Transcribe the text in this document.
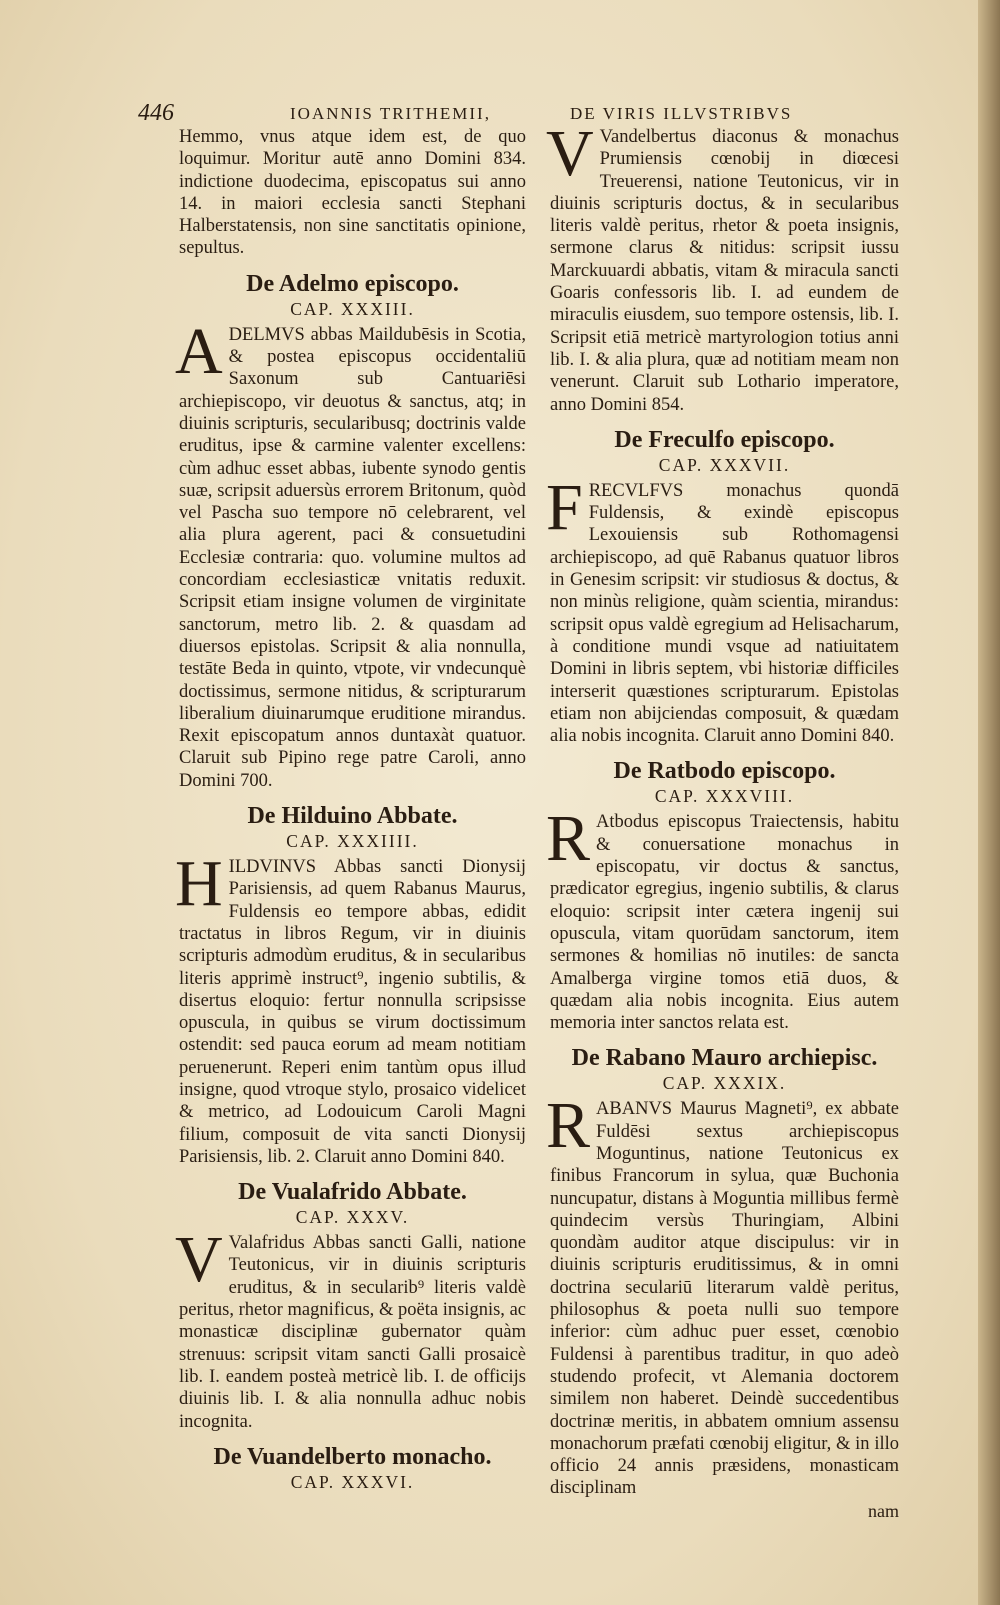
446	IOANNIS TRITHEMII,	DE VIRIS ILLVSTRIBVS

Hemmo, vnus atque idem est, de quo loquimur. Moritur autē anno Domini 834. indictione duodecima, episcopatus sui anno 14. in maiori ecclesia sancti Stephani Halberstatensis, non sine sanctitatis opinione, sepultus.

De Adelmo episcopo.
CAP. XXXIII.

ADELMVS abbas Maildubēsis in Scotia, & postea episcopus occidentaliū Saxonum sub Cantuariēsi archiepiscopo, vir deuotus & sanctus, atq; in diuinis scripturis, secularibusq; doctrinis valde eruditus, ipse & carmine valenter excellens: cùm adhuc esset abbas, iubente synodo gentis suæ, scripsit aduersùs errorem Britonum, quòd vel Pascha suo tempore nō celebrarent, vel alia plura agerent, paci & consuetudini Ecclesiæ contraria: quo. volumine multos ad concordiam ecclesiasticæ vnitatis reduxit. Scripsit etiam insigne volumen de virginitate sanctorum, metro lib. 2. & quasdam ad diuersos epistolas. Scripsit & alia nonnulla, testāte Beda in quinto, vtpote, vir vndecunquè doctissimus, sermone nitidus, & scripturarum liberalium diuinarumque eruditione mirandus. Rexit episcopatum annos duntaxàt quatuor. Claruit sub Pipino rege patre Caroli, anno Domini 700.

De Hilduino Abbate.
CAP. XXXIIII.

HILDVINVS Abbas sancti Dionysij Parisiensis, ad quem Rabanus Maurus, Fuldensis eo tempore abbas, edidit tractatus in libros Regum, vir in diuinis scripturis admodùm eruditus, & in secularibus literis apprimè instruct⁹, ingenio subtilis, & disertus eloquio: fertur nonnulla scripsisse opuscula, in quibus se virum doctissimum ostendit: sed pauca eorum ad meam notitiam peruenerunt. Reperi enim tantùm opus illud insigne, quod vtroque stylo, prosaico videlicet & metrico, ad Lodouicum Caroli Magni filium, composuit de vita sancti Dionysij Parisiensis, lib. 2. Claruit anno Domini 840.

De Vualafrido Abbate.
CAP. XXXV.

V Valafridus Abbas sancti Galli, natione Teutonicus, vir in diuinis scripturis eruditus, & in secularib⁹ literis valdè peritus, rhetor magnificus, & poëta insignis, ac monasticæ disciplinæ gubernator quàm strenuus: scripsit vitam sancti Galli prosaicè lib. I. eandem posteà metricè lib. I. de officijs diuinis lib. I. & alia nonnulla adhuc nobis incognita.

De Vuandelberto monacho.
CAP. XXXVI.

V Vandelbertus diaconus & monachus Prumiensis cœnobij in diœcesi Treuerensi, natione Teutonicus, vir in diuinis scripturis doctus, & in secularibus literis valdè peritus, rhetor & poeta insignis, sermone clarus & nitidus: scripsit iussu Marckuuardi abbatis, vitam & miracula sancti Goaris confessoris lib. I. ad eundem de miraculis eiusdem, suo tempore ostensis, lib. I. Scripsit etiā metricè martyrologion totius anni lib. I. & alia plura, quæ ad notitiam meam non venerunt. Claruit sub Lothario imperatore, anno Domini 854.

De Freculfo episcopo.
CAP. XXXVII.

FRECVLFVS monachus quondā Fuldensis, & exindè episcopus Lexouiensis sub Rothomagensi archiepiscopo, ad quē Rabanus quatuor libros in Genesim scripsit: vir studiosus & doctus, & non minùs religione, quàm scientia, mirandus: scripsit opus valdè egregium ad Helisacharum, à conditione mundi vsque ad natiuitatem Domini in libris septem, vbi historiæ difficiles interserit quæstiones scripturarum. Epistolas etiam non abijciendas composuit, & quædam alia nobis incognita. Claruit anno Domini 840.

De Ratbodo episcopo.
CAP. XXXVIII.

R Atbodus episcopus Traiectensis, habitu & conuersatione monachus in episcopatu, vir doctus & sanctus, prædicator egregius, ingenio subtilis, & clarus eloquio: scripsit inter cætera ingenij sui opuscula, vitam quorūdam sanctorum, item sermones & homilias nō inutiles: de sancta Amalberga virgine tomos etiā duos, & quædam alia nobis incognita. Eius autem memoria inter sanctos relata est.

De Rabano Mauro archiepisc.
CAP. XXXIX.

RABANVS Maurus Magneti⁹, ex abbate Fuldēsi sextus archiepiscopus Moguntinus, natione Teutonicus ex finibus Francorum in sylua, quæ Buchonia nuncupatur, distans à Moguntia millibus fermè quindecim versùs Thuringiam, Albini quondàm auditor atque discipulus: vir in diuinis scripturis eruditissimus, & in omni doctrina seculariū literarum valdè peritus, philosophus & poeta nulli suo tempore inferior: cùm adhuc puer esset, cœnobio Fuldensi à parentibus traditur, in quo adeò studendo profecit, vt Alemania doctorem similem non haberet. Deindè succedentibus doctrinæ meritis, in abbatem omnium assensu monachorum præfati cœnobij eligitur, & in illo officio 24 annis præsidens, monasticam disciplinam

nam
